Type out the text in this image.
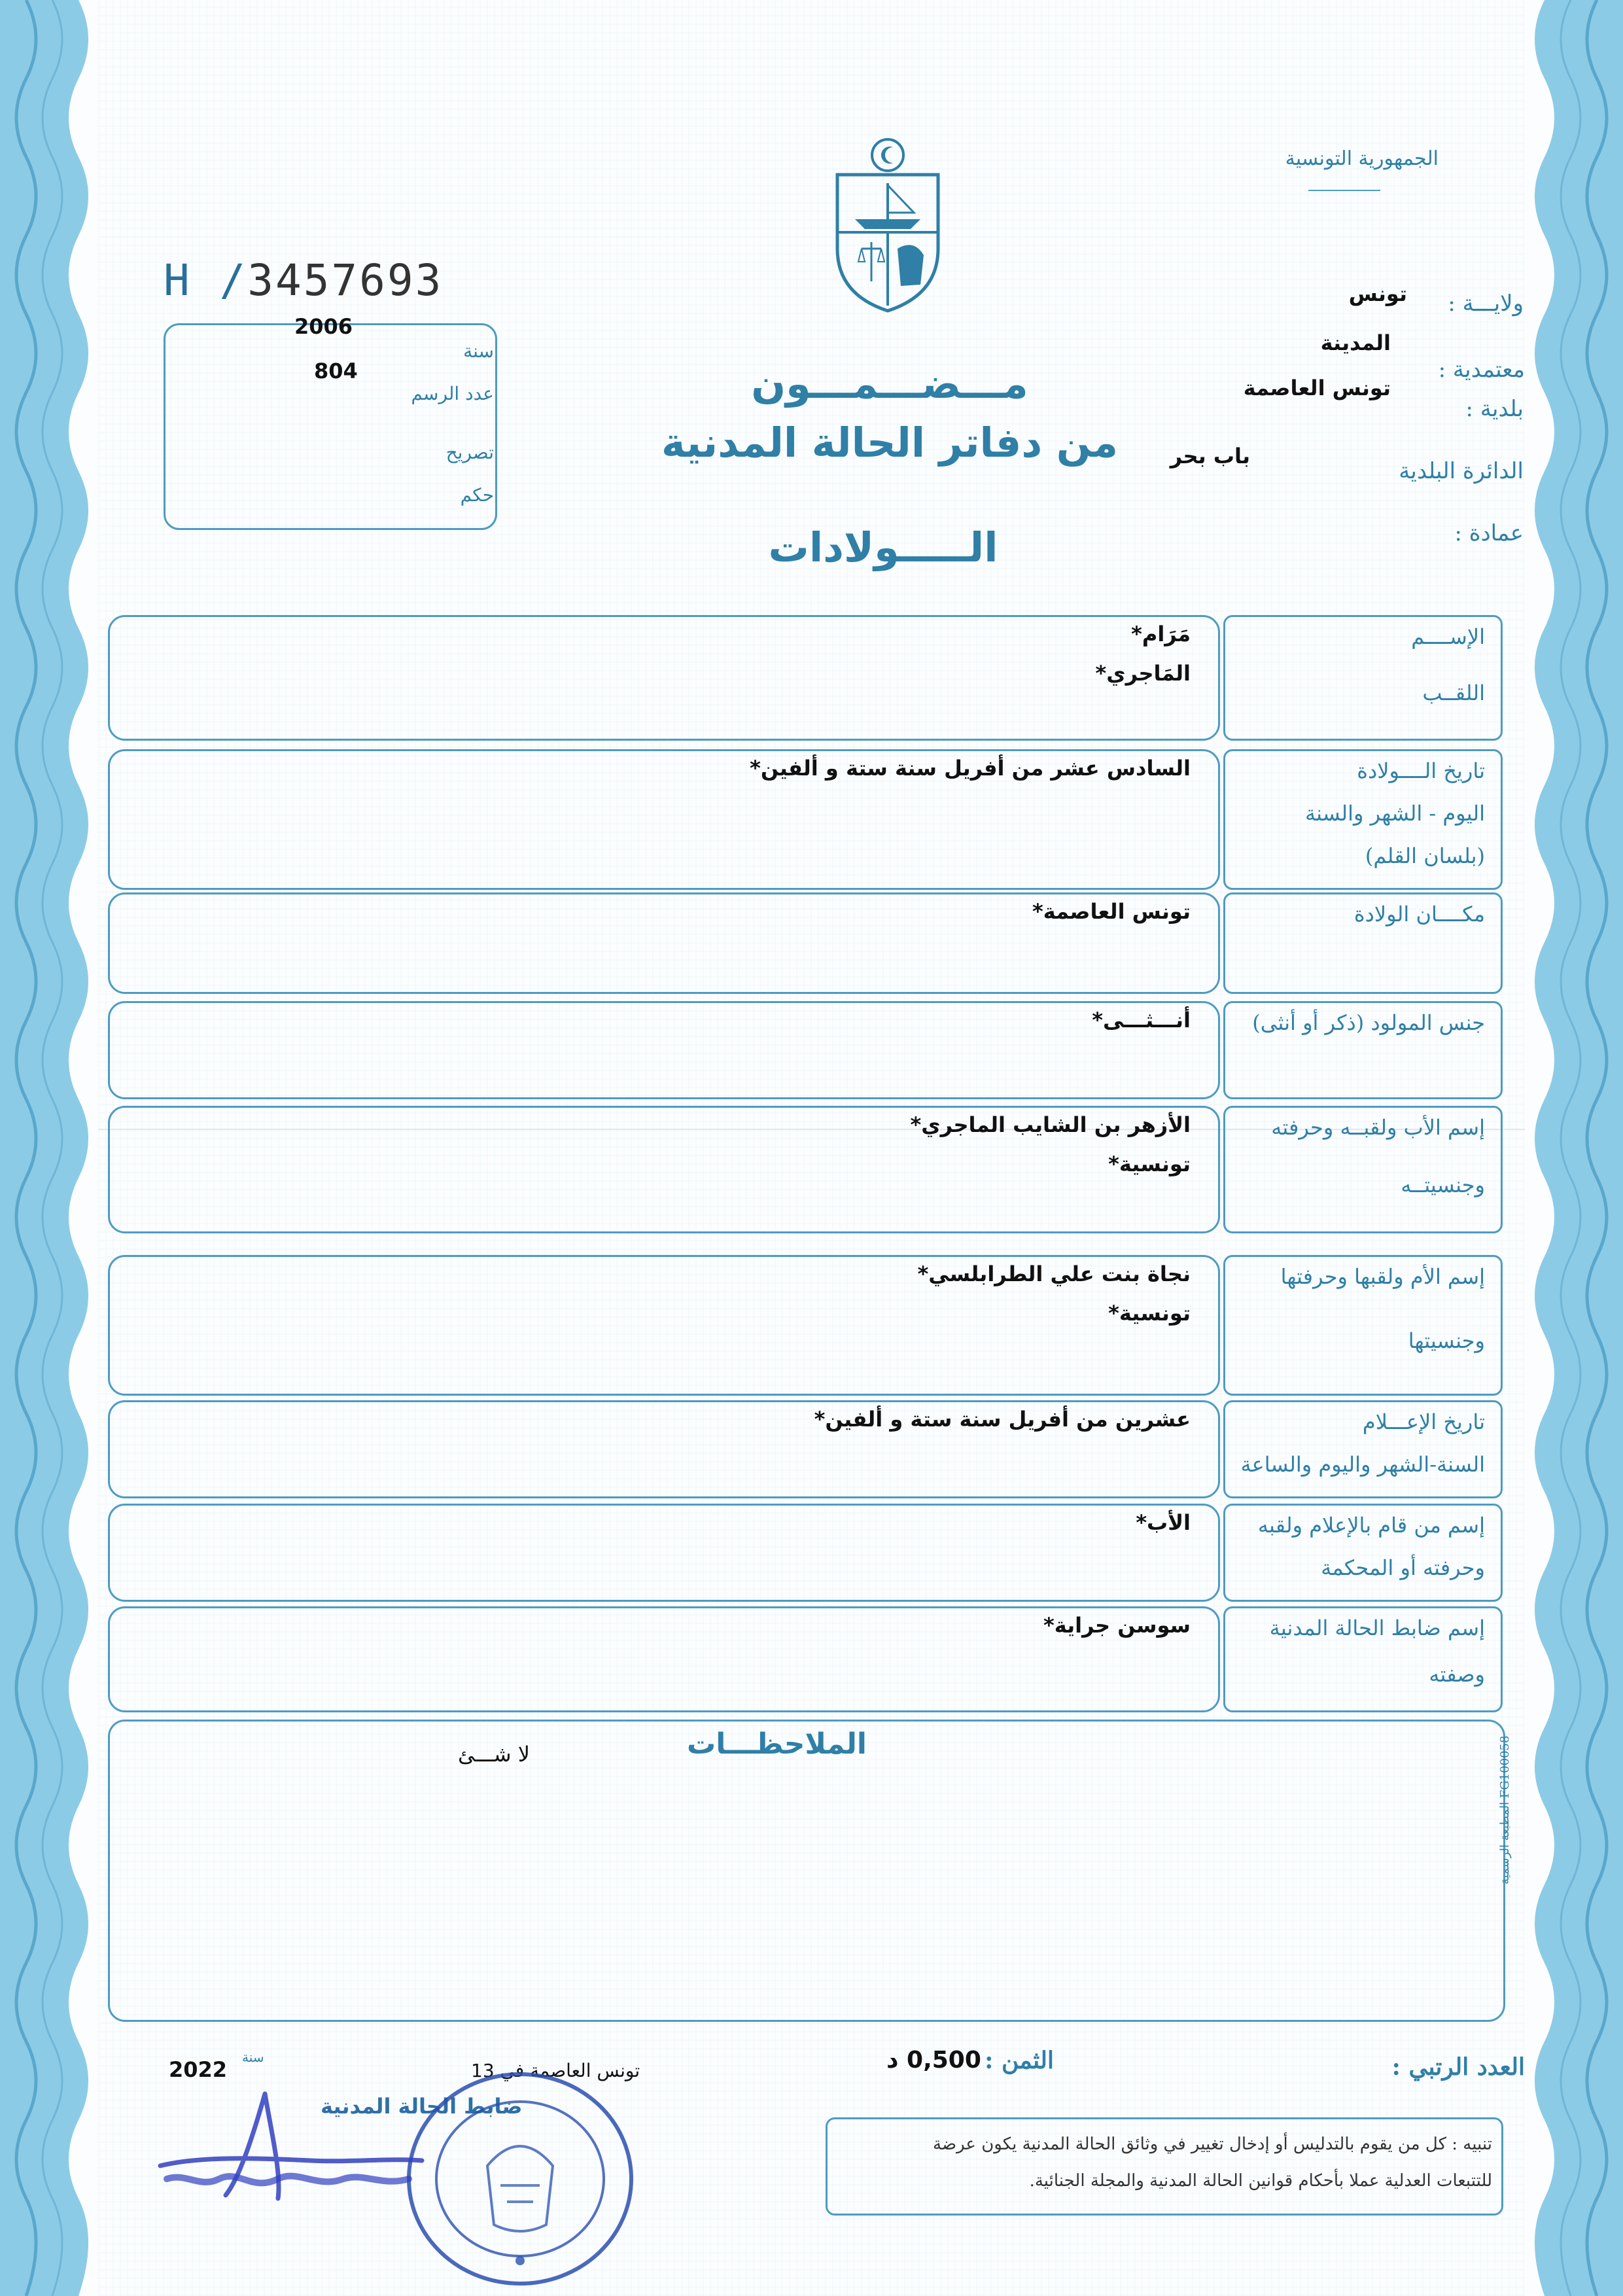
الجمهورية التونسية
ولايـــة :
تونس
معتمدية :
المدينة
بلدية :
تونس العاصمة
الدائرة البلدية
باب بحر
عمادة :
مـــضـــمـــون
من دفاتر الحالة المدنية
الـــــولادات
H /3457693
سنة
2006
عدد الرسم
804
تصريح
حكم
الإســــم
اللقــب
مَرَام*
المَاجري*
تاريخ الــــولادة
اليوم - الشهر والسنة
(بلسان القلم)
السادس عشر من أفريل سنة ستة و ألفين*
مكــــان الولادة
تونس العاصمة*
جنس المولود (ذكر أو أنثى)
أنـــثـــى*
إسم الأب ولقبــه وحرفته
وجنسيتــه
الأزهر بن الشايب الماجري*
تونسية*
إسم الأم ولقبها وحرفتها
وجنسيتها
نجاة بنت علي الطرابلسي*
تونسية*
تاريخ الإعـــلام
السنة-الشهر واليوم والساعة
عشرين من أفريل سنة ستة و ألفين*
إسم من قام بالإعلام ولقبه
وحرفته أو المحكمة
الأب*
إسم ضابط الحالة المدنية
وصفته
سوسن جراية*
الملاحظـــات
لا شـــئ
المطبعة الرسمية FG100058
العدد الرتبي :
الثمن :
0,500 د
تونس العاصمة في 13
سنة
2022
ضابط الحالة المدنية
تنبيه : كل من يقوم بالتدليس أو إدخال تغيير في وثائق الحالة المدنية يكون عرضة
للتتبعات العدلية عملا بأحكام قوانين الحالة المدنية والمجلة الجنائية.
